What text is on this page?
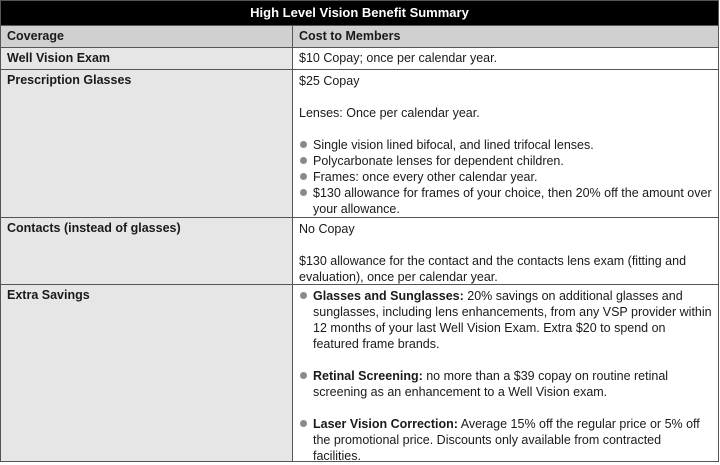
High Level Vision Benefit Summary
Coverage	Cost to Members
Well Vision Exam	$10 Copay; once per calendar year.

Prescription Glasses	$25 Copay

Lenses: Once per calendar year.

Single vision lined bifocal, and lined trifocal lenses.
Polycarbonate lenses for dependent children.
Frames: once every other calendar year.
$130 allowance for frames of your choice, then 20% off the amount over your allowance.
Contacts (instead of glasses)	No Copay

$130 allowance for the contact and the contacts lens exam (fitting and evaluation), once per calendar year.

Extra Savings	Glasses and Sunglasses: 20% savings on additional glasses and sunglasses, including lens enhancements, from any VSP provider within 12 months of your last Well Vision Exam. Extra $20 to spend on featured frame brands.
Retinal Screening: no more than a $39 copay on routine retinal screening as an enhancement to a Well Vision exam.
Laser Vision Correction: Average 15% off the regular price or 5% off the promotional price. Discounts only available from contracted facilities.
